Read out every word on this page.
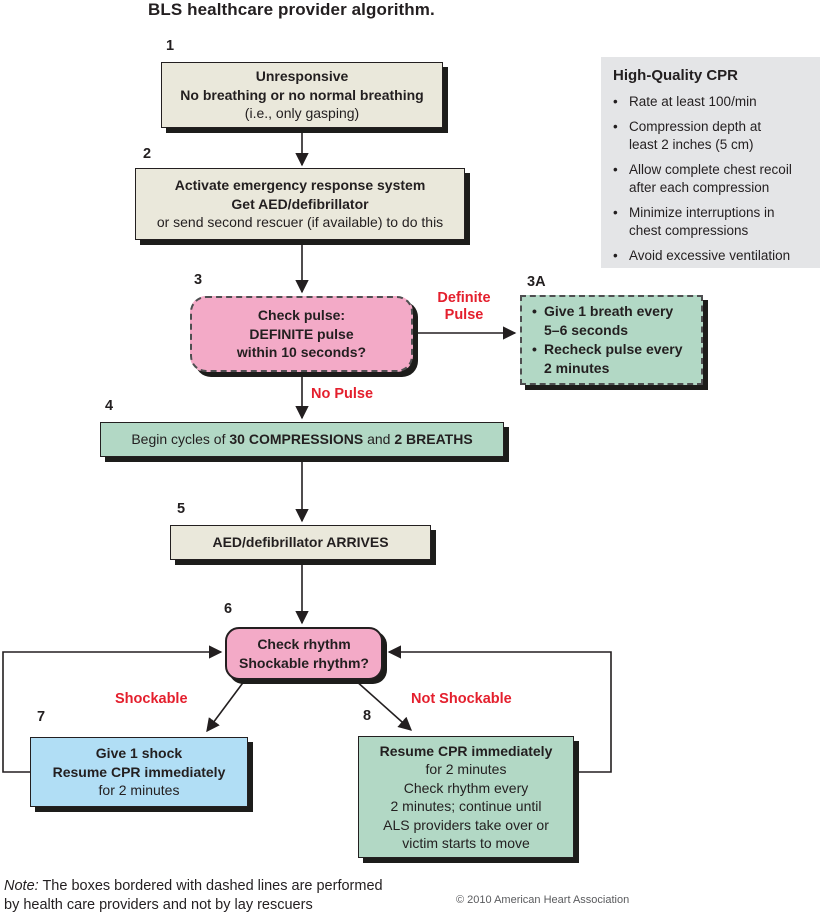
BLS healthcare provider algorithm.
1
2
3	3A
4
5
6
7	8
Unresponsive
No breathing or no normal breathing
(i.e., only gasping)
Activate emergency response system
Get AED/defibrillator
or send second rescuer (if available) to do this
Check pulse:
DEFINITE pulse
within 10 seconds?
• Give 1 breath every
5–6 seconds
• Recheck pulse every
2 minutes
Begin cycles of 30 COMPRESSIONS and 2 BREATHS
AED/defibrillator ARRIVES
Check rhythm
Shockable rhythm?
Give 1 shock
Resume CPR immediately
for 2 minutes
Resume CPR immediately
for 2 minutes
Check rhythm every
2 minutes; continue until
ALS providers take over or
victim starts to move
Definite Pulse
No Pulse
Shockable	Not Shockable
High-Quality CPR
• Rate at least 100/min
• Compression depth at
least 2 inches (5 cm)
• Allow complete chest recoil
after each compression
• Minimize interruptions in
chest compressions
• Avoid excessive ventilation
Note: The boxes bordered with dashed lines are performed
by health care providers and not by lay rescuers	© 2010 American Heart Association
